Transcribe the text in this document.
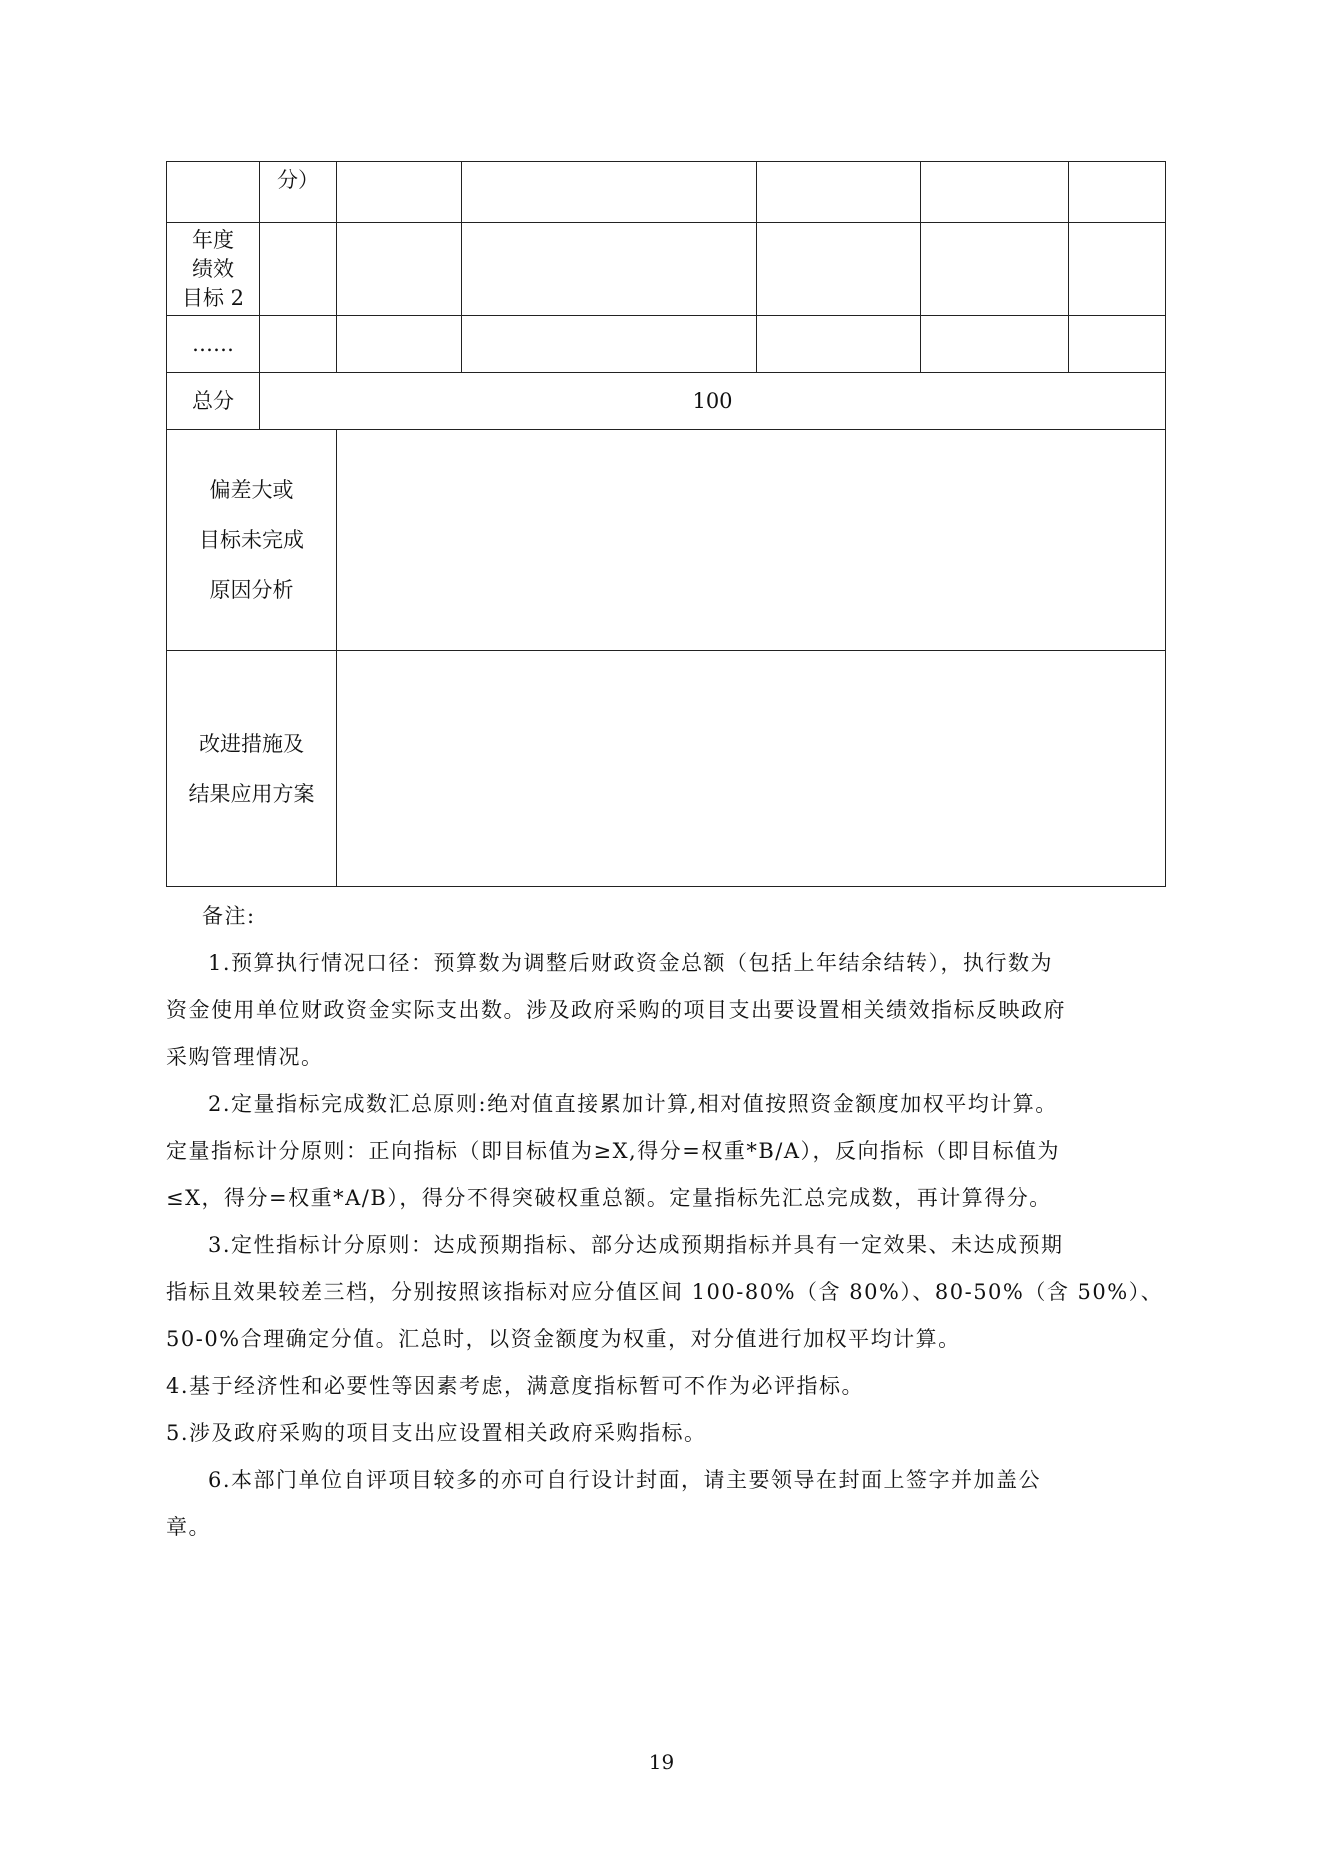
	分）					

年度
绩效
目标 2						

……						
总分	100					

偏差大或
目标未完成
原因分析						

改进措施及
结果应用方案						

备注:

1.预算执行情况口径：预算数为调整后财政资金总额（包括上年结余结转），执行数为

资金使用单位财政资金实际支出数。涉及政府采购的项目支出要设置相关绩效指标反映政府

采购管理情况。

2.定量指标完成数汇总原则:绝对值直接累加计算,相对值按照资金额度加权平均计算。

定量指标计分原则：正向指标（即目标值为≥X,得分=权重*B/A），反向指标（即目标值为

≤X，得分=权重*A/B），得分不得突破权重总额。定量指标先汇总完成数，再计算得分。

3.定性指标计分原则：达成预期指标、部分达成预期指标并具有一定效果、未达成预期

指标且效果较差三档，分别按照该指标对应分值区间 100-80%（含 80%）、80-50%（含 50%）、

50-0%合理确定分值。汇总时，以资金额度为权重，对分值进行加权平均计算。

4.基于经济性和必要性等因素考虑，满意度指标暂可不作为必评指标。

5.涉及政府采购的项目支出应设置相关政府采购指标。

6.本部门单位自评项目较多的亦可自行设计封面，请主要领导在封面上签字并加盖公

章。

19
